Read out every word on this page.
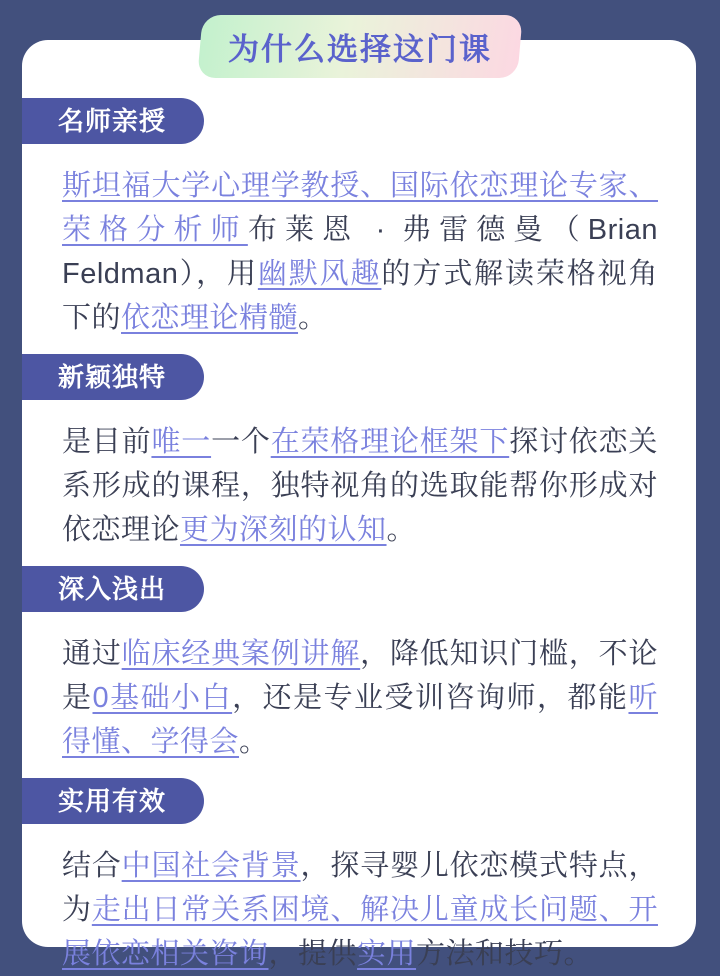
为什么选择这门课
名师亲授

斯坦福大学心理学教授、国际依恋理论专家、荣格分析师布莱恩 · 弗雷德曼（Brian Feldman），用幽默风趣的方式解读荣格视角下的依恋理论精髓。

新颖独特

是目前唯一一个在荣格理论框架下探讨依恋关系形成的课程，独特视角的选取能帮你形成对依恋理论更为深刻的认知。

深入浅出

通过临床经典案例讲解，降低知识门槛，不论是0基础小白，还是专业受训咨询师，都能听得懂、学得会。

实用有效

结合中国社会背景，探寻婴儿依恋模式特点，为走出日常关系困境、解决儿童成长问题、开展依恋相关咨询，提供实用方法和技巧。
